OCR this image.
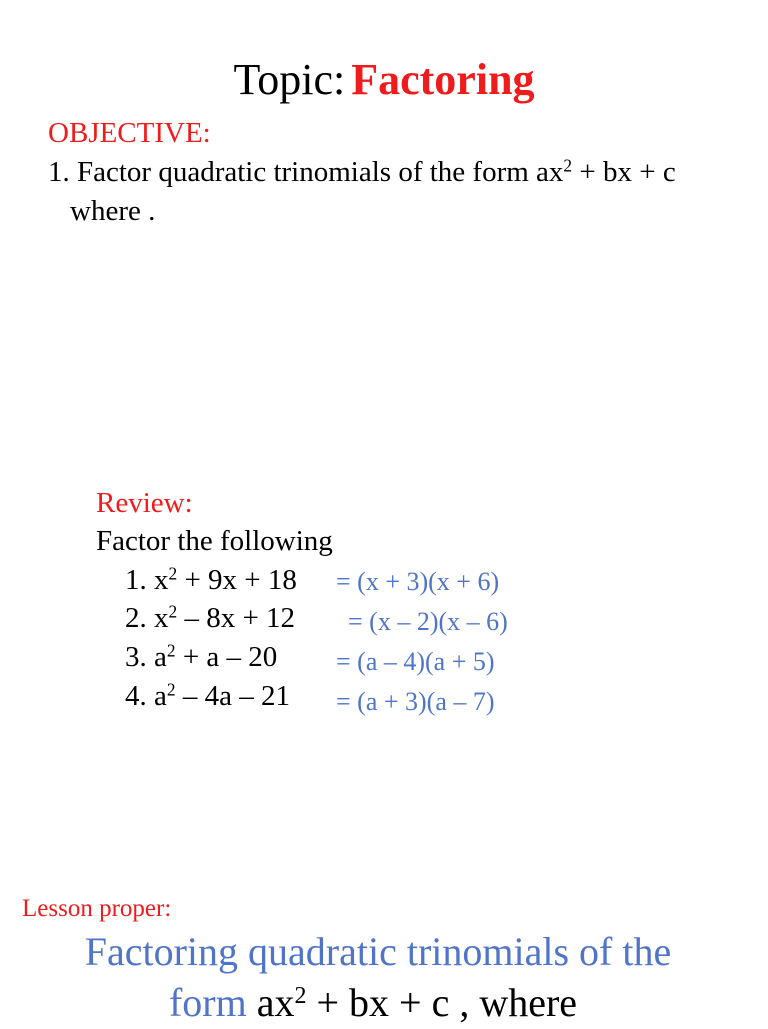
Topic: Factoring
OBJECTIVE:
1. Factor quadratic trinomials of the form $ax^2$ + bx + c
where .
Review:
Factor the following
1. $x^2 + 9x + 18 = (x + 3)(x + 6)$
2. $x^2 - 8x + 12 = (x - 2)(x - 6)$
3. $a^2 + a - 20 = (a - 4)(a + 5)$
4. $a^2 - 4a - 21 = (a + 3)(a - 7)$
Lesson proper:
Factoring quadratic trinomials of the
form $ax^2$ + bx + c , where
